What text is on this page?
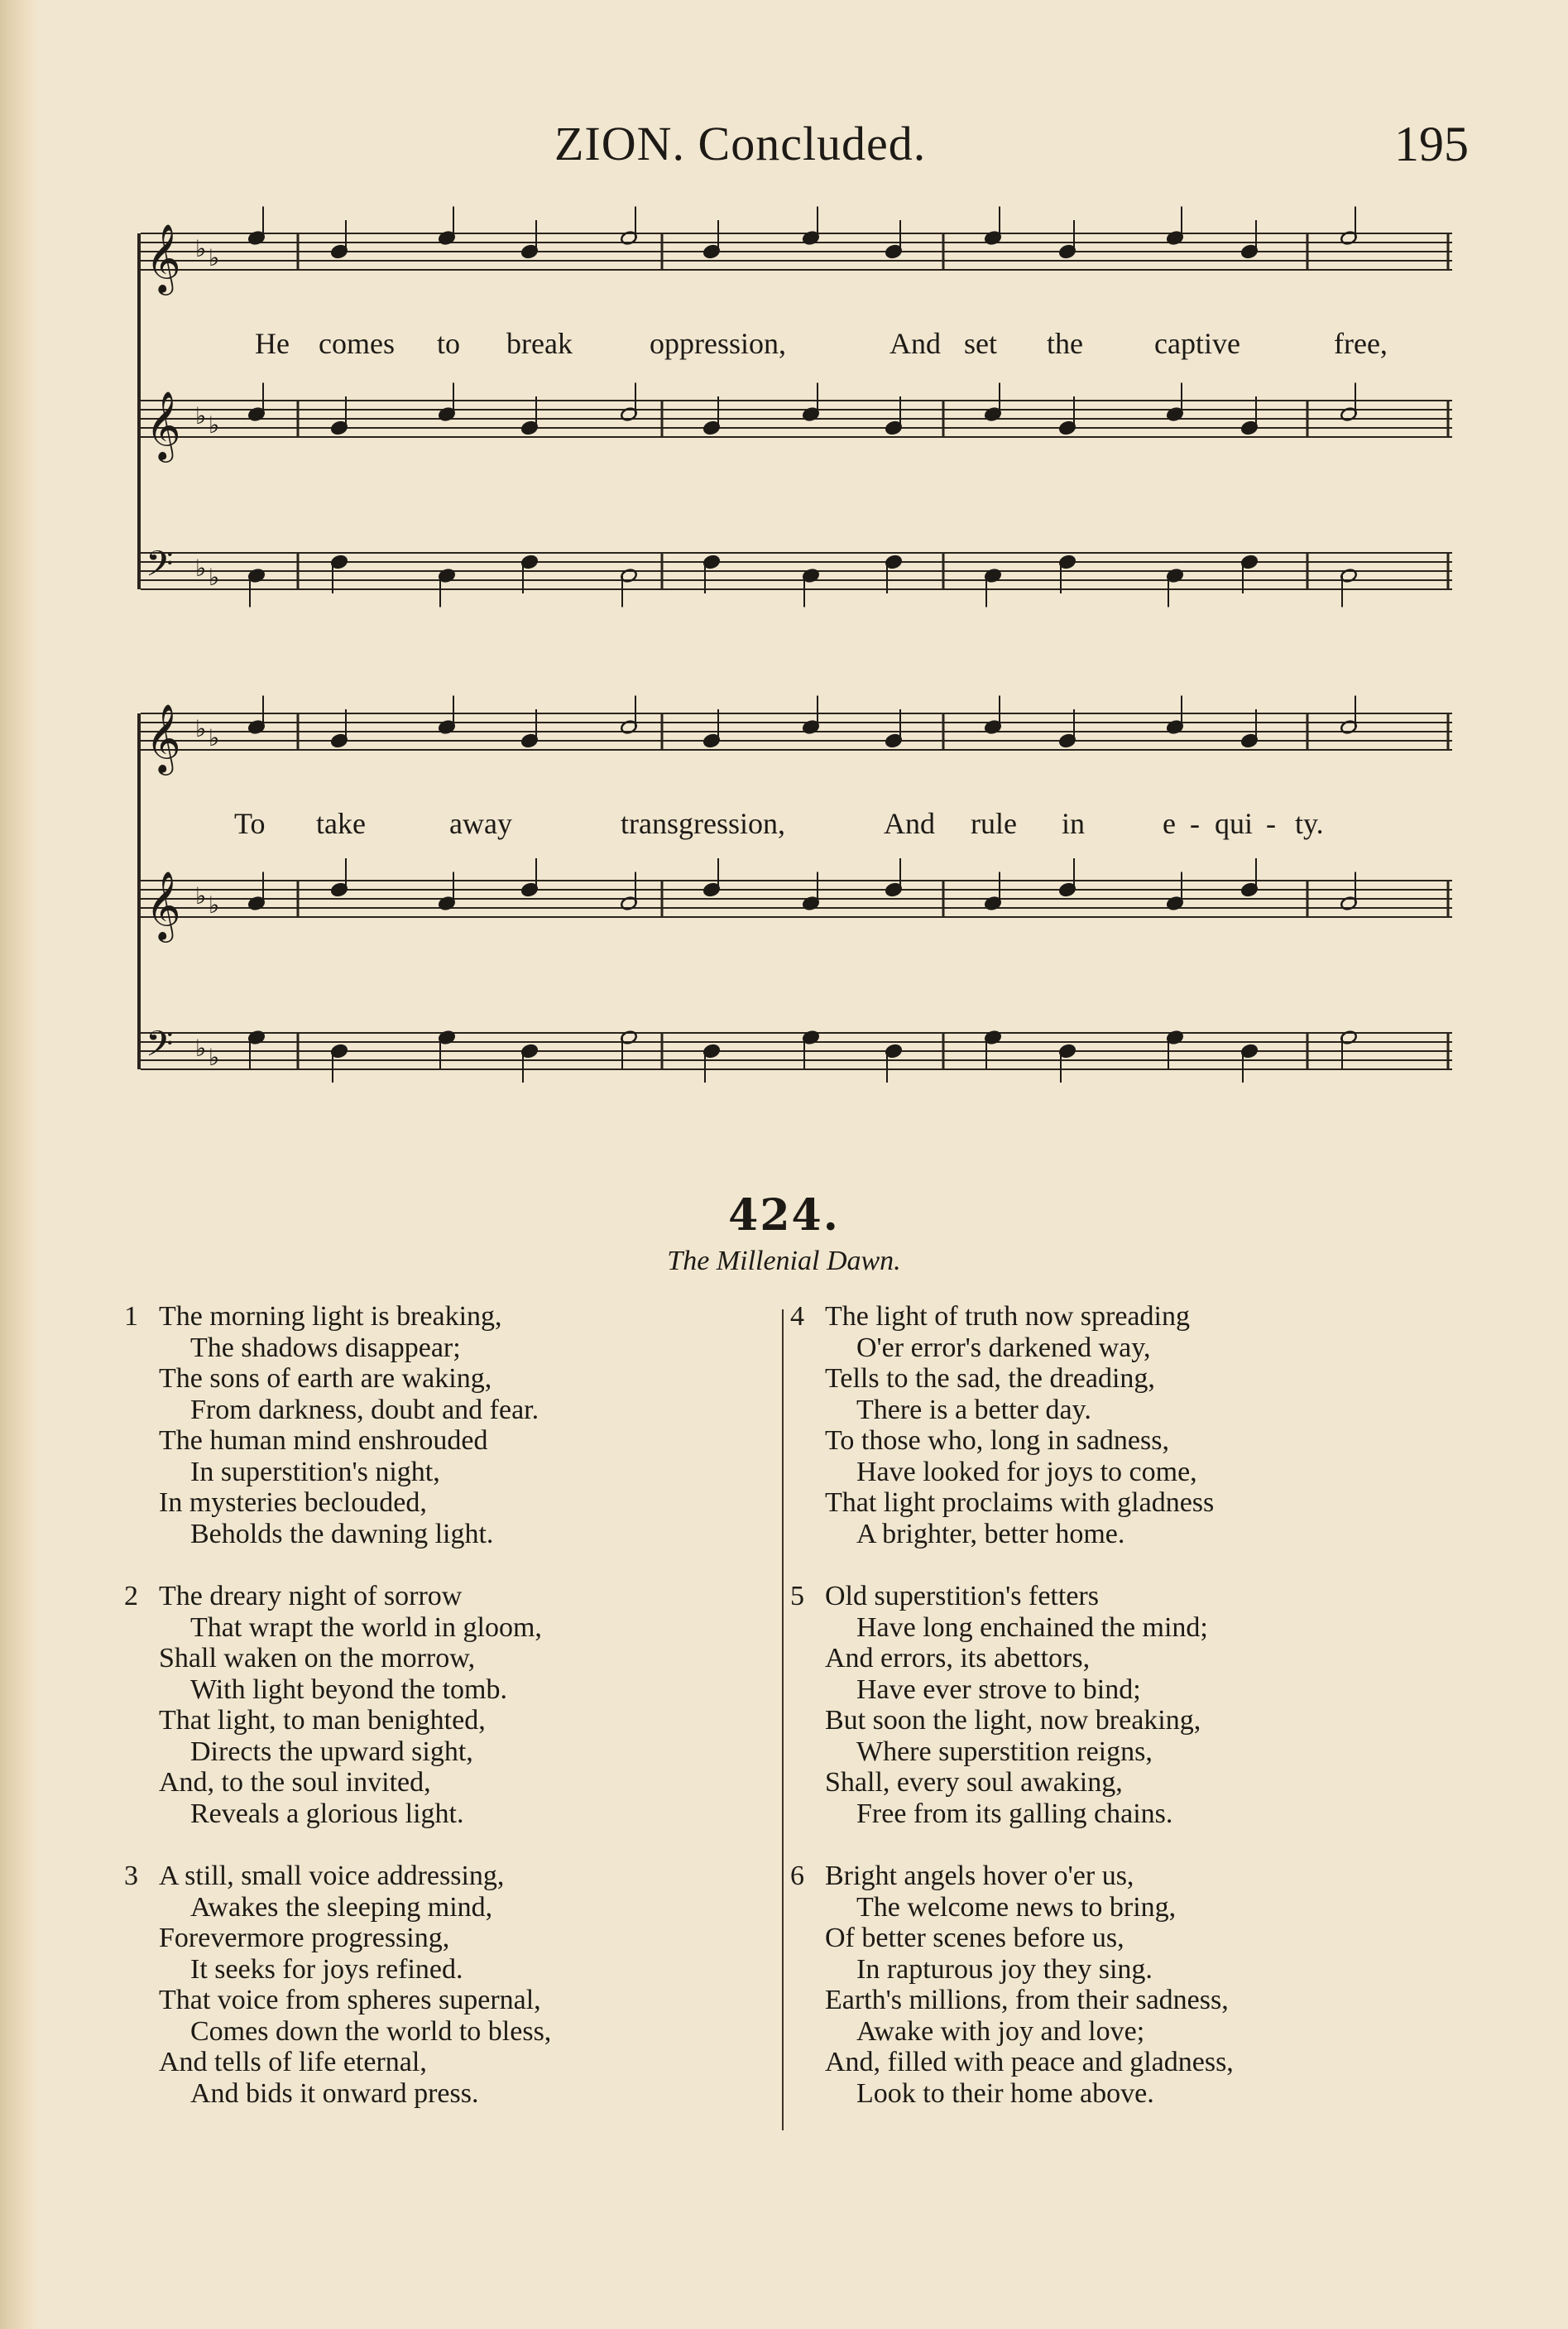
ZION. Concluded.	195
𝄞 ♭ ♭
𝄞 ♭ ♭
𝄢 ♭ ♭
He comes to break	oppression,	And set the captive	free,
𝄞 ♭ ♭
𝄞 ♭ ♭
𝄢 ♭ ♭
To take	away	transgression,	And rule in	e - qui - ty.
424.
The Millenial Dawn.
1 The morning light is breaking,
The shadows disappear;
The sons of earth are waking,
From darkness, doubt and fear.
The human mind enshrouded
In superstition's night,
In mysteries beclouded,
Beholds the dawning light.
2 The dreary night of sorrow
That wrapt the world in gloom,
Shall waken on the morrow,
With light beyond the tomb.
That light, to man benighted,
Directs the upward sight,
And, to the soul invited,
Reveals a glorious light.
3 A still, small voice addressing,
Awakes the sleeping mind,
Forevermore progressing,
It seeks for joys refined.
That voice from spheres supernal,
Comes down the world to bless,
And tells of life eternal,
And bids it onward press.
4 The light of truth now spreading
O'er error's darkened way,
Tells to the sad, the dreading,
There is a better day.
To those who, long in sadness,
Have looked for joys to come,
That light proclaims with gladness
A brighter, better home.
5 Old superstition's fetters
Have long enchained the mind;
And errors, its abettors,
Have ever strove to bind;
But soon the light, now breaking,
Where superstition reigns,
Shall, every soul awaking,
Free from its galling chains.
6 Bright angels hover o'er us,
The welcome news to bring,
Of better scenes before us,
In rapturous joy they sing.
Earth's millions, from their sadness,
Awake with joy and love;
And, filled with peace and gladness,
Look to their home above.
